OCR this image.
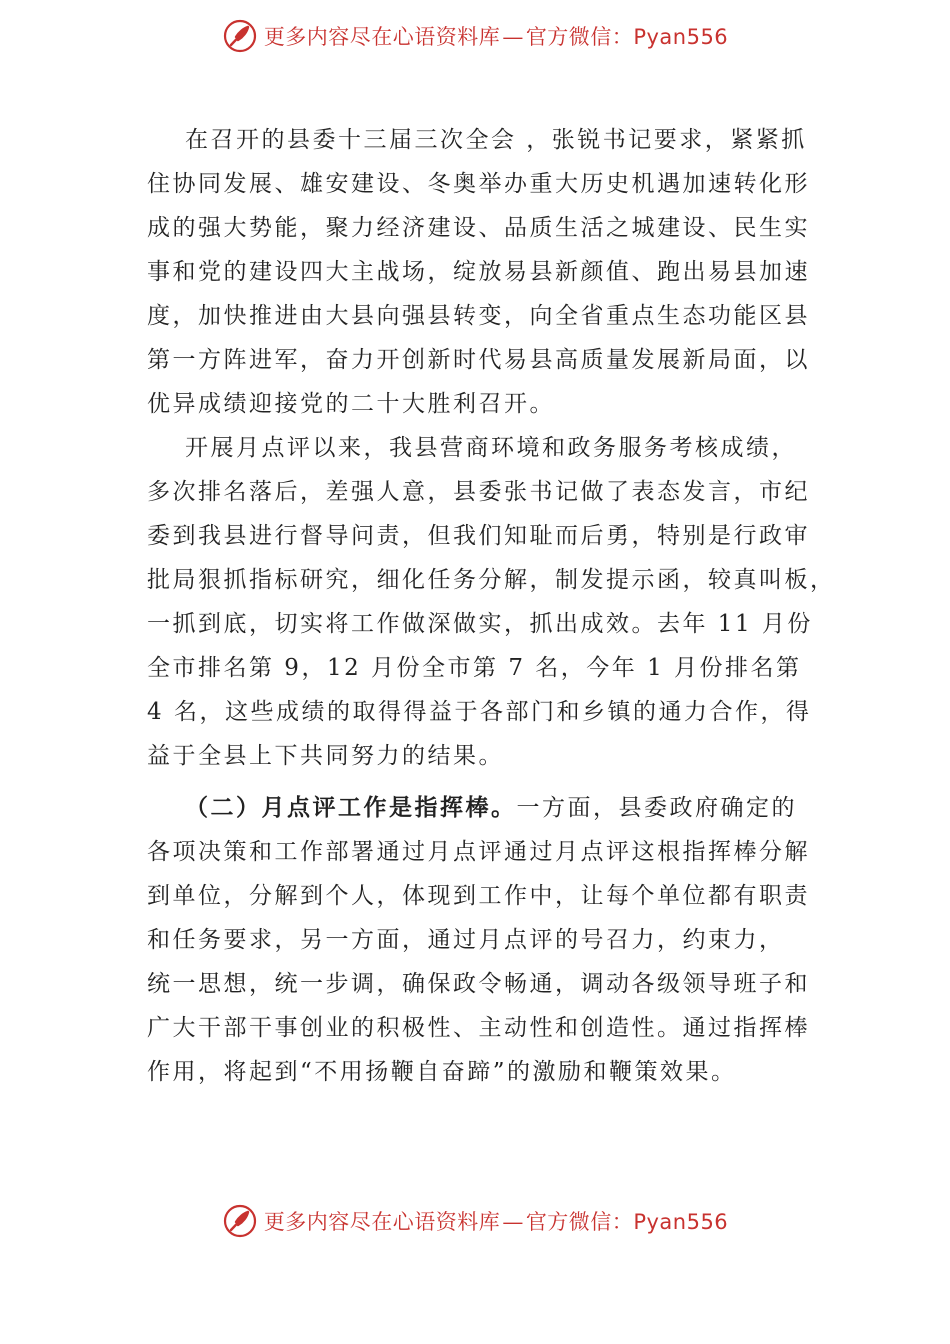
更多内容尽在心语资料库—官方微信：Pyan556
在召开的县委十三届三次全会 ，张锐书记要求，紧紧抓
住协同发展、雄安建设、冬奥举办重大历史机遇加速转化形
成的强大势能，聚力经济建设、品质生活之城建设、民生实
事和党的建设四大主战场，绽放易县新颜值、跑出易县加速
度，加快推进由大县向强县转变，向全省重点生态功能区县
第一方阵进军，奋力开创新时代易县高质量发展新局面，以
优异成绩迎接党的二十大胜利召开。
开展月点评以来，我县营商环境和政务服务考核成绩，
多次排名落后，差强人意，县委张书记做了表态发言，市纪
委到我县进行督导问责，但我们知耻而后勇，特别是行政审
批局狠抓指标研究，细化任务分解，制发提示函，较真叫板，
一抓到底，切实将工作做深做实，抓出成效。去年 11 月份
全市排名第 9，12 月份全市第 7 名，今年 1 月份排名第
4 名，这些成绩的取得得益于各部门和乡镇的通力合作，得
益于全县上下共同努力的结果。
（二）月点评工作是指挥棒。一方面，县委政府确定的
各项决策和工作部署通过月点评通过月点评这根指挥棒分解
到单位，分解到个人，体现到工作中，让每个单位都有职责
和任务要求，另一方面，通过月点评的号召力，约束力，
统一思想，统一步调，确保政令畅通，调动各级领导班子和
广大干部干事创业的积极性、主动性和创造性。通过指挥棒
作用，将起到“不用扬鞭自奋蹄”的激励和鞭策效果。
更多内容尽在心语资料库—官方微信：Pyan556
